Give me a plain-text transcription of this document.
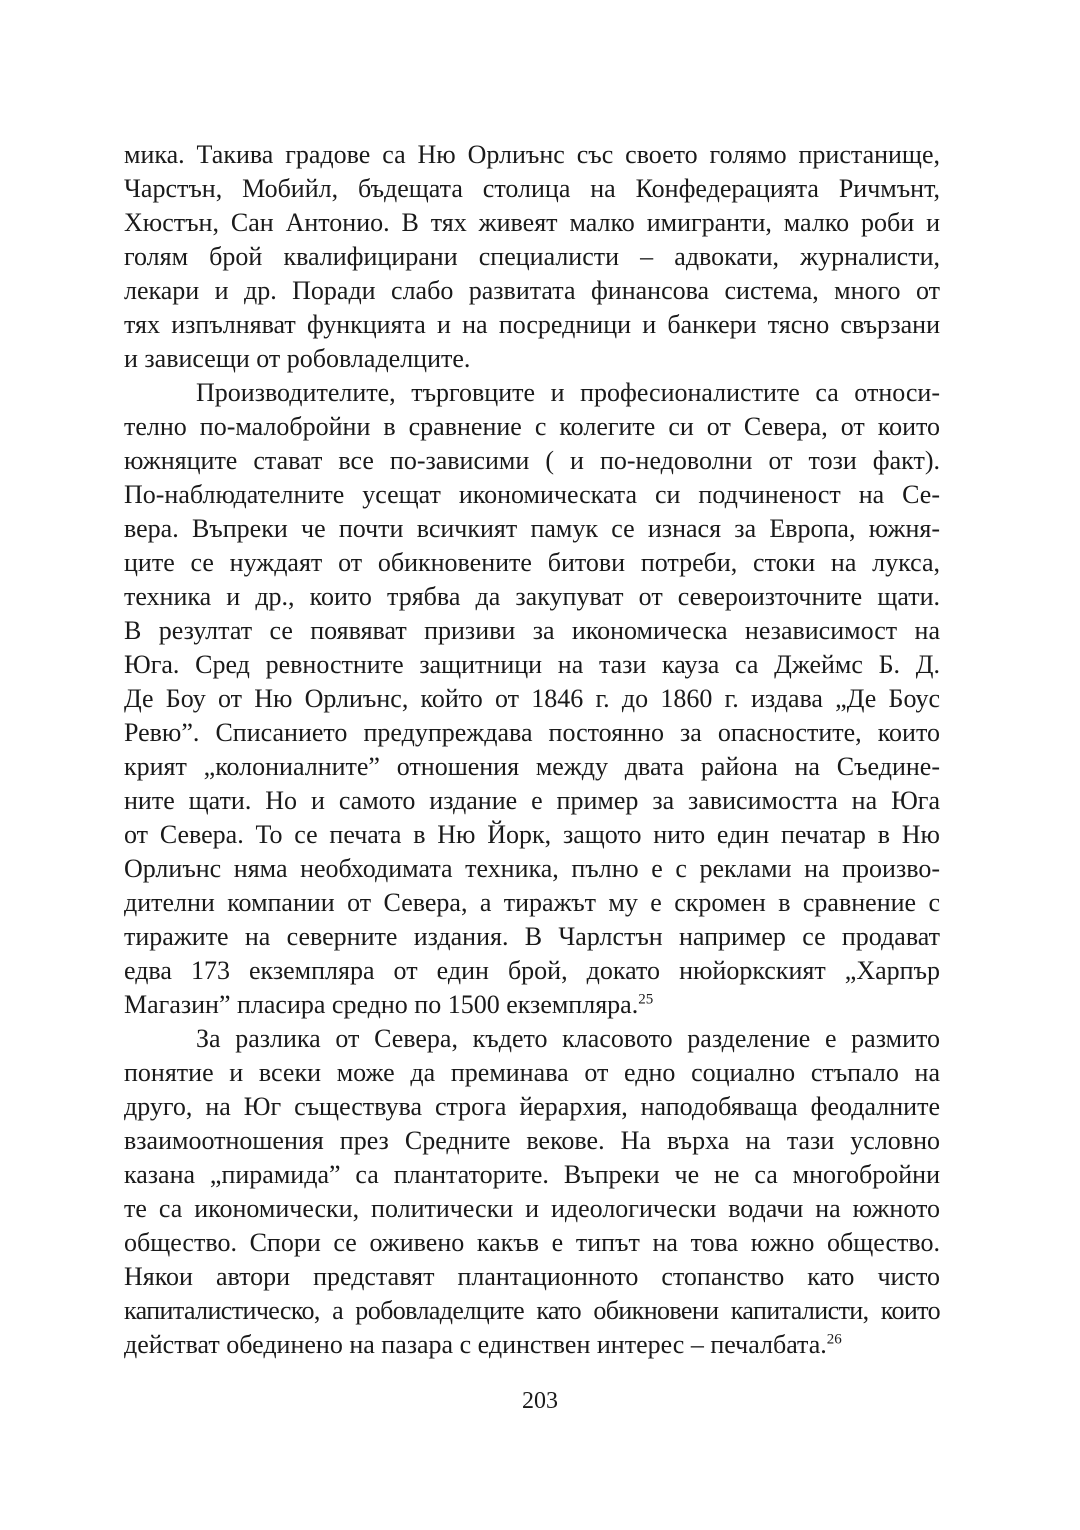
мика. Такива градове са Ню Орлиънс със своето голямо пристанище,
Чарстън, Мобийл, бъдещата столица на Конфедерацията Ричмънт,
Хюстън, Сан Антонио. В тях живеят малко имигранти, малко роби и
голям брой квалифицирани специалисти – адвокати, журналисти,
лекари и др. Поради слабо развитата финансова система, много от
тях изпълняват функцията и на посредници и банкери тясно свързани
и зависещи от робовладелците.
Производителите, търговците и професионалистите са относи-
телно по-малобройни в сравнение с колегите си от Севера, от които
южняците стават все по-зависими ( и по-недоволни от този факт).
По-наблюдателните усещат икономическата си подчиненост на Се-
вера. Въпреки че почти всичкият памук се изнася за Европа, южня-
ците се нуждаят от обикновените битови потреби, стоки на лукса,
техника и др., които трябва да закупуват от североизточните щати.
В резултат се появяват призиви за икономическа независимост на
Юга. Сред ревностните защитници на тази кауза са Джеймс Б. Д.
Де Боу от Ню Орлиънс, който от 1846 г. до 1860 г. издава „Де Боус
Ревю”. Списанието предупреждава постоянно за опасностите, които
крият „колониалните” отношения между двата района на Съедине-
ните щати. Но и самото издание е пример за зависимостта на Юга
от Севера. То се печата в Ню Йорк, защото нито един печатар в Ню
Орлиънс няма необходимата техника, пълно е с реклами на произво-
дителни компании от Севера, а тиражът му е скромен в сравнение с
тиражите на северните издания. В Чарлстън например се продават
едва 173 екземпляра от един брой, докато нюйоркският „Харпър
Магазин” пласира средно по 1500 екземпляра.$^{25}$
За разлика от Севера, където класовото разделение е размито
понятие и всеки може да преминава от едно социално стъпало на
друго, на Юг съществува строга йерархия, наподобяваща феодалните
взаимоотношения през Средните векове. На върха на тази условно
казана „пирамида” са плантаторите. Въпреки че не са многобройни
те са икономически, политически и идеологически водачи на южното
общество. Спори се оживено какъв е типът на това южно общество.
Някои автори представят плантационното стопанство като чисто
капиталистическо, а робовладелците като обикновени капиталисти, които
действат обединено на пазара с единствен интерес – печалбата.$^{26}$
203
